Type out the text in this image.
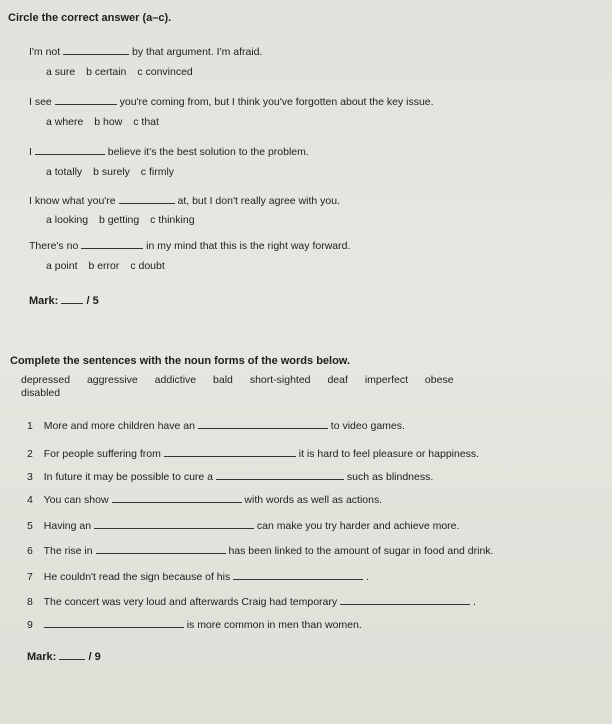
Circle the correct answer (a–c).
I'm not	by that argument. I'm afraid.
a sure b certain c convinced
I see	you're coming from, but I think you've forgotten about the key issue.
a where b how c that
I	believe it's the best solution to the problem.
a totally b surely c firmly
I know what you're	at, but I don't really agree with you.
a looking b getting c thinking
There's no	in my mind that this is the right way forward.
a point b error c doubt
Mark:	/ 5
Complete the sentences with the noun forms of the words below.
depressed aggressive addictive bald short-sighted deaf imperfect obese
disabled
1 More and more children have an	to video games.
2 For people suffering from	it is hard to feel pleasure or happiness.
3 In future it may be possible to cure a	such as blindness.
4 You can show	with words as well as actions.
5 Having an	can make you try harder and achieve more.
6 The rise in	has been linked to the amount of sugar in food and drink.
7 He couldn't read the sign because of his	.
8 The concert was very loud and afterwards Craig had temporary	.
9	is more common in men than women.
Mark:	/ 9
